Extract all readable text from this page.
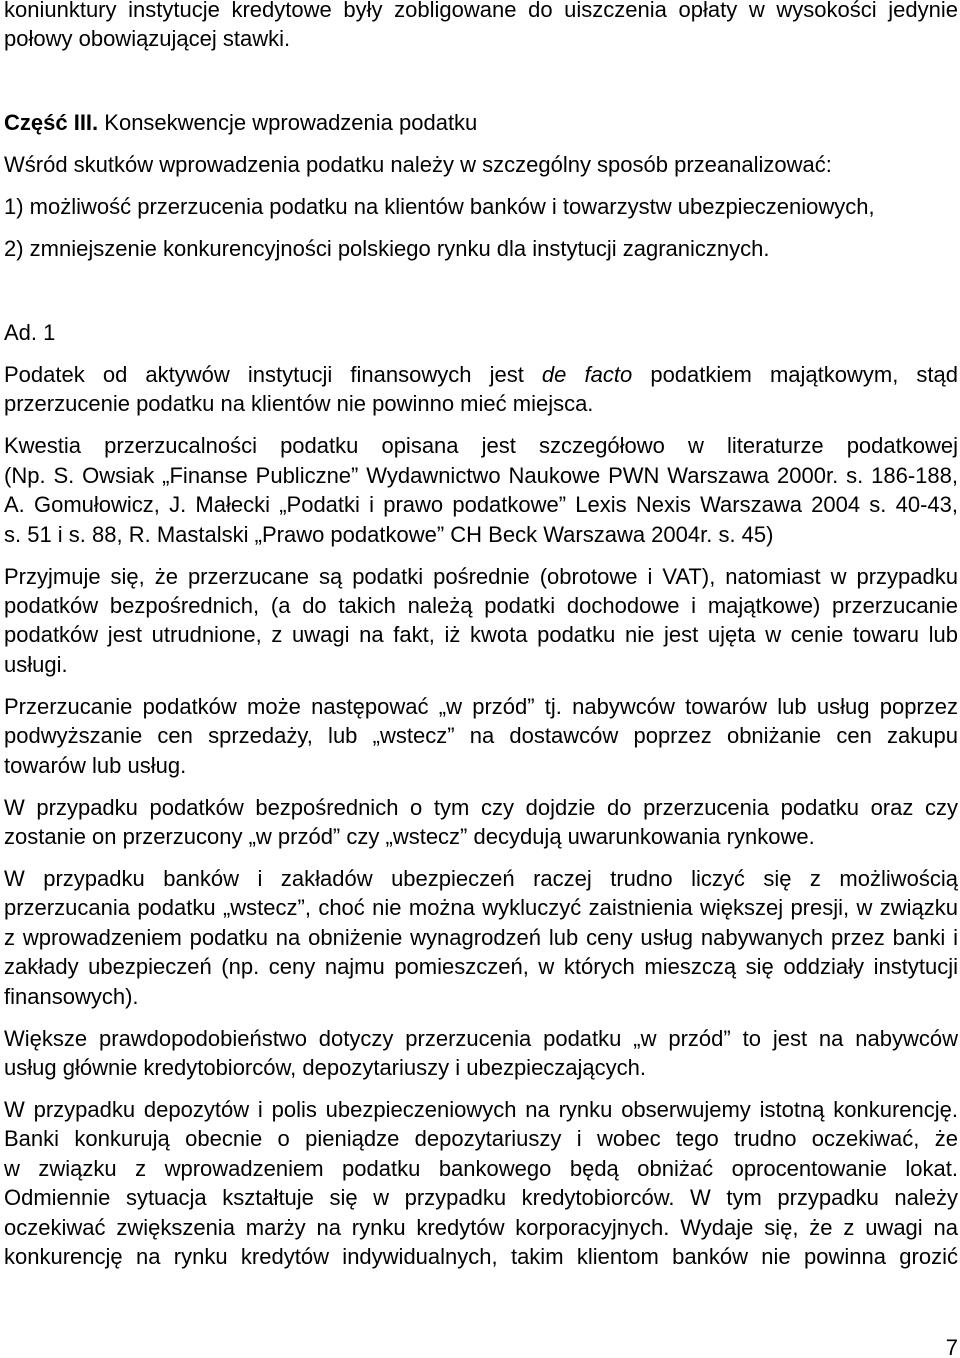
koniunktury instytucje kredytowe były zobligowane do uiszczenia opłaty w wysokości jedynie
połowy obowiązującej stawki.
Część III. Konsekwencje wprowadzenia podatku
Wśród skutków wprowadzenia podatku należy w szczególny sposób przeanalizować:
1) możliwość przerzucenia podatku na klientów banków i towarzystw ubezpieczeniowych,
2) zmniejszenie konkurencyjności polskiego rynku dla instytucji zagranicznych.
Ad. 1
Podatek od aktywów instytucji finansowych jest de facto podatkiem majątkowym, stąd
przerzucenie podatku na klientów nie powinno mieć miejsca.
Kwestia przerzucalności podatku opisana jest szczegółowo w literaturze podatkowej
(Np. S. Owsiak „Finanse Publiczne” Wydawnictwo Naukowe PWN Warszawa 2000r. s. 186-188,
A. Gomułowicz, J. Małecki „Podatki i prawo podatkowe” Lexis Nexis Warszawa 2004 s. 40-43,
s. 51 i s. 88, R. Mastalski „Prawo podatkowe” CH Beck Warszawa 2004r. s. 45)
Przyjmuje się, że przerzucane są podatki pośrednie (obrotowe i VAT), natomiast w przypadku
podatków bezpośrednich, (a do takich należą podatki dochodowe i majątkowe) przerzucanie
podatków jest utrudnione, z uwagi na fakt, iż kwota podatku nie jest ujęta w cenie towaru lub
usługi.
Przerzucanie podatków może następować „w przód” tj. nabywców towarów lub usług poprzez
podwyższanie cen sprzedaży, lub „wstecz” na dostawców poprzez obniżanie cen zakupu
towarów lub usług.
W przypadku podatków bezpośrednich o tym czy dojdzie do przerzucenia podatku oraz czy
zostanie on przerzucony „w przód” czy „wstecz” decydują uwarunkowania rynkowe.
W przypadku banków i zakładów ubezpieczeń raczej trudno liczyć się z możliwością
przerzucania podatku „wstecz”, choć nie można wykluczyć zaistnienia większej presji, w związku
z wprowadzeniem podatku na obniżenie wynagrodzeń lub ceny usług nabywanych przez banki i
zakłady ubezpieczeń (np. ceny najmu pomieszczeń, w których mieszczą się oddziały instytucji
finansowych).
Większe prawdopodobieństwo dotyczy przerzucenia podatku „w przód” to jest na nabywców
usług głównie kredytobiorców, depozytariuszy i ubezpieczających.
W przypadku depozytów i polis ubezpieczeniowych na rynku obserwujemy istotną konkurencję.
Banki konkurują obecnie o pieniądze depozytariuszy i wobec tego trudno oczekiwać, że
w związku z wprowadzeniem podatku bankowego będą obniżać oprocentowanie lokat.
Odmiennie sytuacja kształtuje się w przypadku kredytobiorców. W tym przypadku należy
oczekiwać zwiększenia marży na rynku kredytów korporacyjnych. Wydaje się, że z uwagi na
konkurencję na rynku kredytów indywidualnych, takim klientom banków nie powinna grozić
7
